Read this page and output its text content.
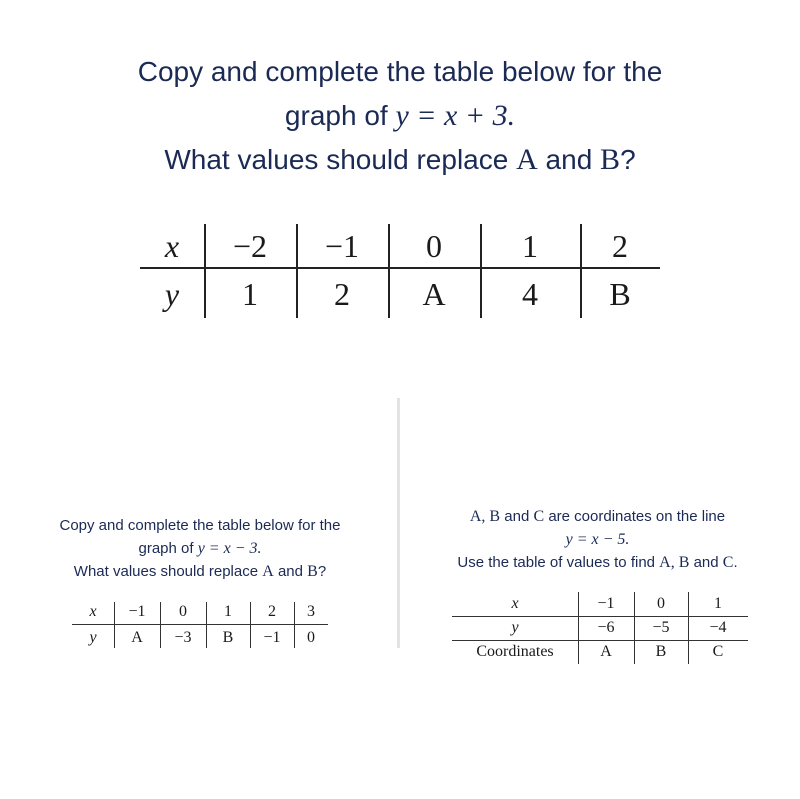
Copy and complete the table below for the
graph of y = x + 3.
What values should replace A and B?
x	−2	−1	0	1	2
y	1	2	A	4	B
Copy and complete the table below for the
graph of y = x − 3.
What values should replace A and B?
x	−1	0	1	2	3
y	A	−3	B	−1	0
A, B and C are coordinates on the line
y = x − 5.
Use the table of values to find A, B and C.
x	−1	0	1
y	−6	−5	−4
Coordinates	A	B	C
